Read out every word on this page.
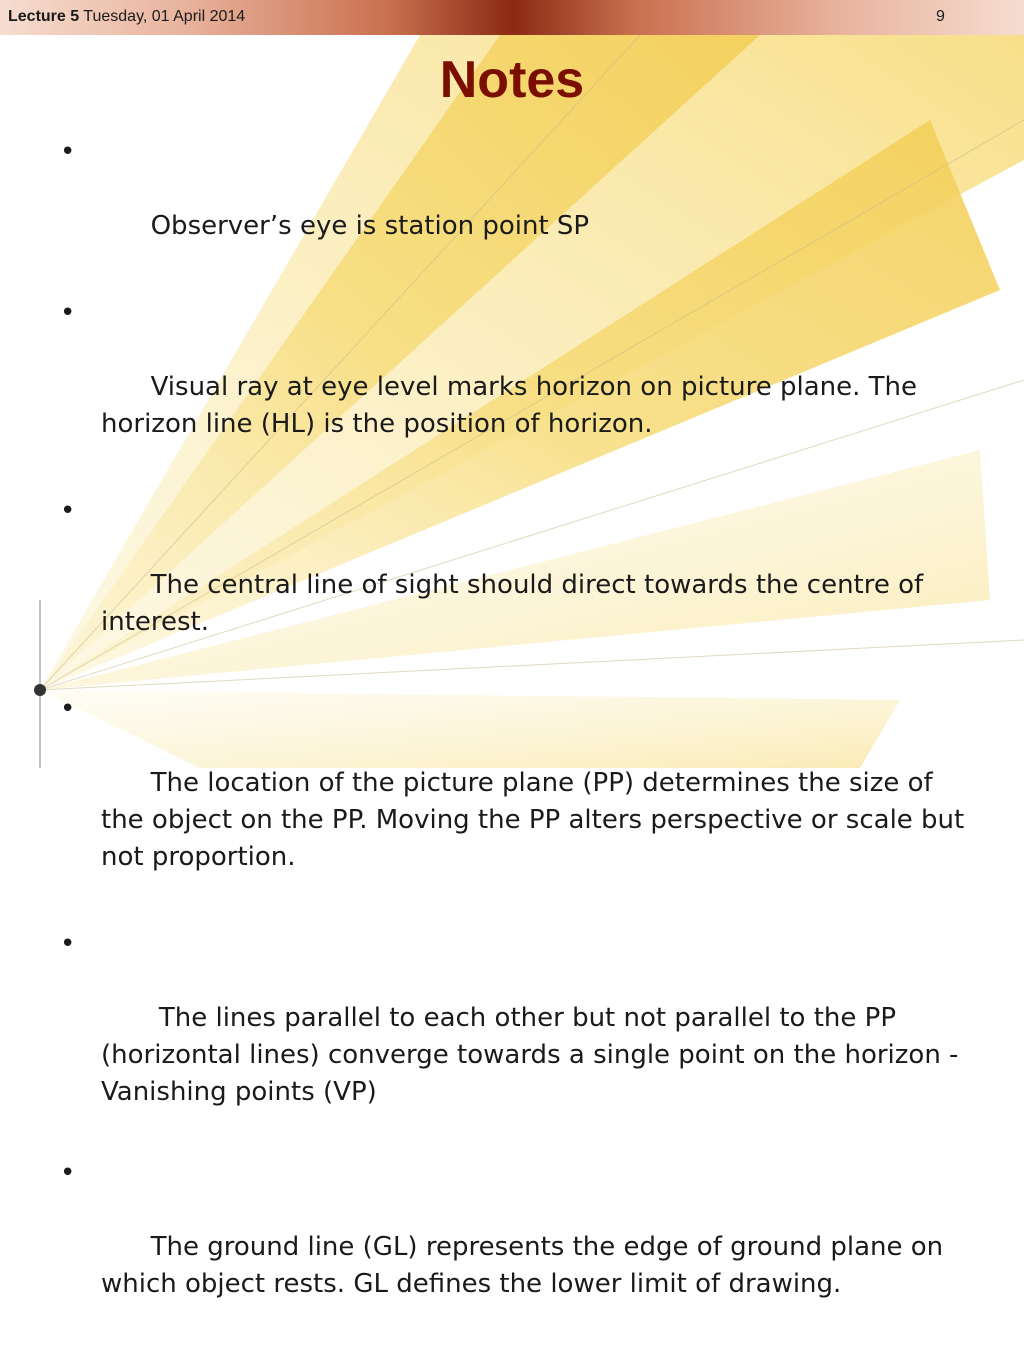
Lecture 5 Tuesday, 01 April 2014	9
Notes

•

Observer’s eye is station point SP

•

Visual ray at eye level marks horizon on picture plane. The horizon line (HL) is the position of horizon.

•

The central line of sight should direct towards the centre of interest.

•

The location of the picture plane (PP) determines the size of the object on the PP. Moving the PP alters perspective or scale but not proportion.

•

The lines parallel to each other but not parallel to the PP (horizontal lines) converge towards a single point on the horizon - Vanishing points (VP)

•

The ground line (GL) represents the edge of ground plane on which object rests. GL defines the lower limit of drawing.
